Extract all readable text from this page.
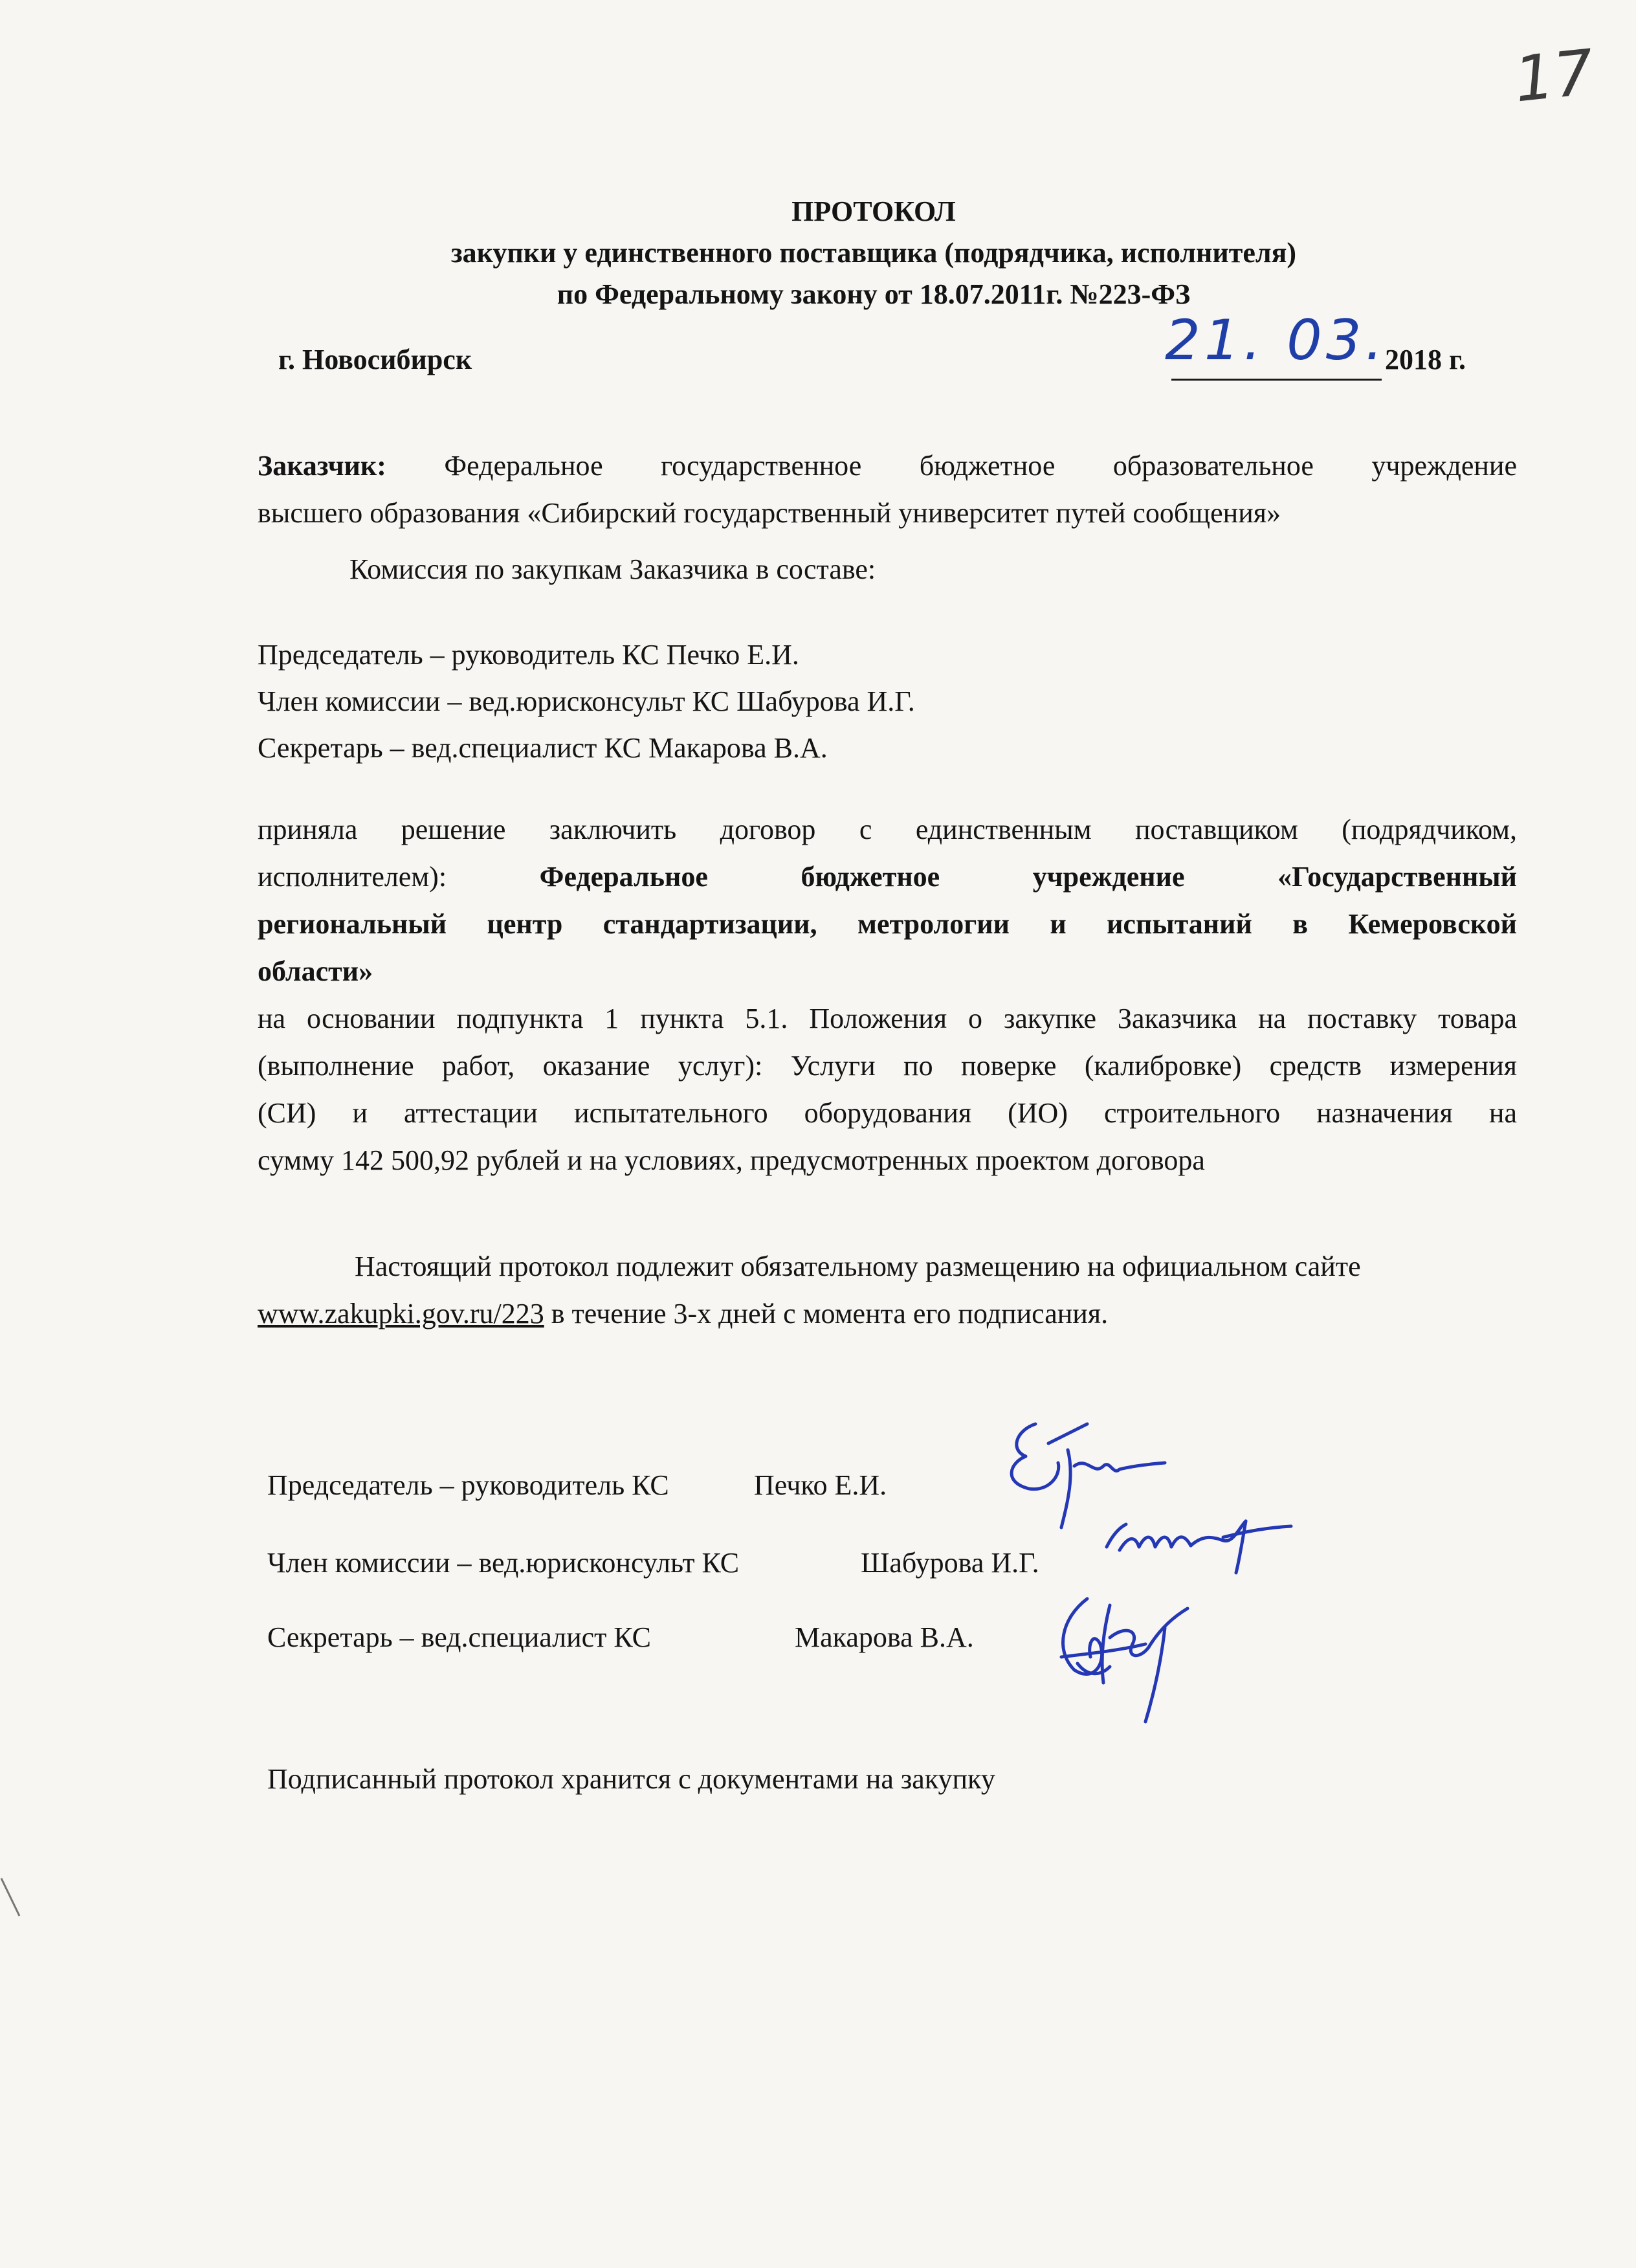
17
ПРОТОКОЛ
закупки у единственного поставщика (подрядчика, исполнителя)
по Федеральному закону от 18.07.2011г. №223-ФЗ
г. Новосибирск	21. 03.
2018 г.
Заказчик: Федеральное государственное бюджетное образовательное учреждение
высшего образования «Сибирский государственный университет путей сообщения»
Комиссия по закупкам Заказчика в составе:
Председатель – руководитель КС Печко Е.И.
Член комиссии – вед.юрисконсульт КС Шабурова И.Г.
Секретарь – вед.специалист КС Макарова В.А.
приняла решение заключить договор с единственным поставщиком (подрядчиком,
исполнителем):	Федеральное бюджетное учреждение «Государственный
региональный центр стандартизации, метрологии и испытаний в Кемеровской
области»
на основании подпункта 1 пункта 5.1. Положения о закупке Заказчика на поставку товара
(выполнение работ, оказание услуг): Услуги по поверке (калибровке) средств измерения
(СИ) и аттестации испытательного оборудования (ИО) строительного назначения на
сумму 142 500,92 рублей и на условиях, предусмотренных проектом договора
Настоящий протокол подлежит обязательному размещению на официальном сайте
www.zakupki.gov.ru/223 в течение 3-х дней с момента его подписания.
Председатель – руководитель КС	Печко Е.И.
Член комиссии – вед.юрисконсульт КС	Шабурова И.Г.
Секретарь – вед.специалист КС	Макарова В.А.
Подписанный протокол хранится с документами на закупку
